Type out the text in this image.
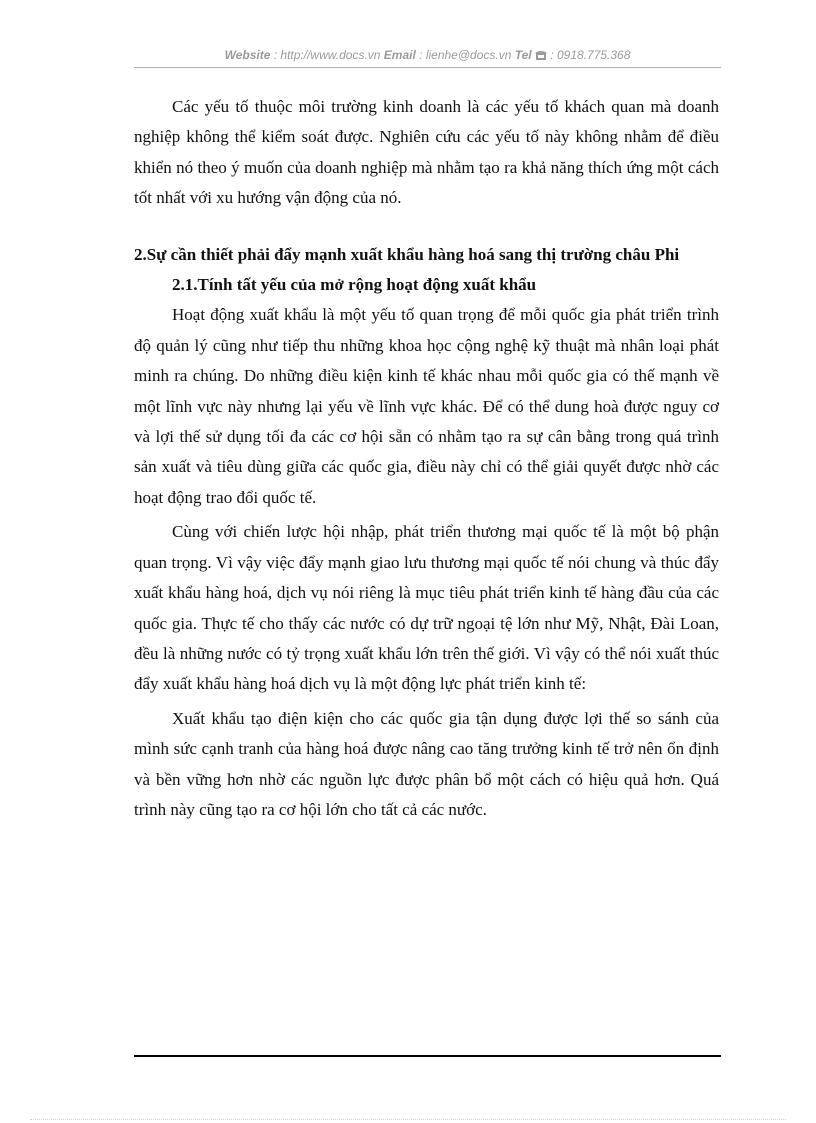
Website : http://www.docs.vn Email : lienhe@docs.vn Tel : 0918.775.368

Các yếu tố thuộc môi trường kinh doanh là các yếu tố khách quan mà doanh nghiệp không thể kiểm soát được. Nghiên cứu các yếu tố này không nhằm để điều khiển nó theo ý muốn của doanh nghiệp mà nhằm tạo ra khả năng thích ứng một cách tốt nhất với xu hướng vận động của nó.

2.Sự cần thiết phải đẩy mạnh xuất khẩu hàng hoá sang thị trường châu Phi

2.1.Tính tất yếu của mở rộng hoạt động xuất khẩu

Hoạt động xuất khẩu là một yếu tố quan trọng để mỗi quốc gia phát triển trình độ quản lý cũng như tiếp thu những khoa học cộng nghệ kỹ thuật mà nhân loại phát minh ra chúng. Do những điều kiện kinh tế khác nhau mỗi quốc gia có thế mạnh về một lĩnh vực này nhưng lại yếu về lĩnh vực khác. Để có thể dung hoà được nguy cơ và lợi thế sử dụng tối đa các cơ hội sẵn có nhằm tạo ra sự cân bằng trong quá trình sản xuất và tiêu dùng giữa các quốc gia, điều này chỉ có thể giải quyết được nhờ các hoạt động trao đổi quốc tế.

Cùng với chiến lược hội nhập, phát triển thương mại quốc tế là một bộ phận quan trọng. Vì vậy việc đẩy mạnh giao lưu thương mại quốc tế nói chung và thúc đẩy xuất khẩu hàng hoá, dịch vụ nói riêng là mục tiêu phát triển kinh tế hàng đầu của các quốc gia. Thực tế cho thấy các nước có dự trữ ngoại tệ lớn như Mỹ, Nhật, Đài Loan, đều là những nước có tỷ trọng xuất khẩu lớn trên thế giới. Vì vậy có thể nói xuất thúc đẩy xuất khẩu hàng hoá dịch vụ là một động lực phát triển kinh tế:

Xuất khẩu tạo điện kiện cho các quốc gia tận dụng được lợi thế so sánh của mình sức cạnh tranh của hàng hoá được nâng cao tăng trưởng kinh tế trở nên ổn định và bền vững hơn nhờ các nguồn lực được phân bổ một cách có hiệu quả hơn. Quá trình này cũng tạo ra cơ hội lớn cho tất cả các nước.
